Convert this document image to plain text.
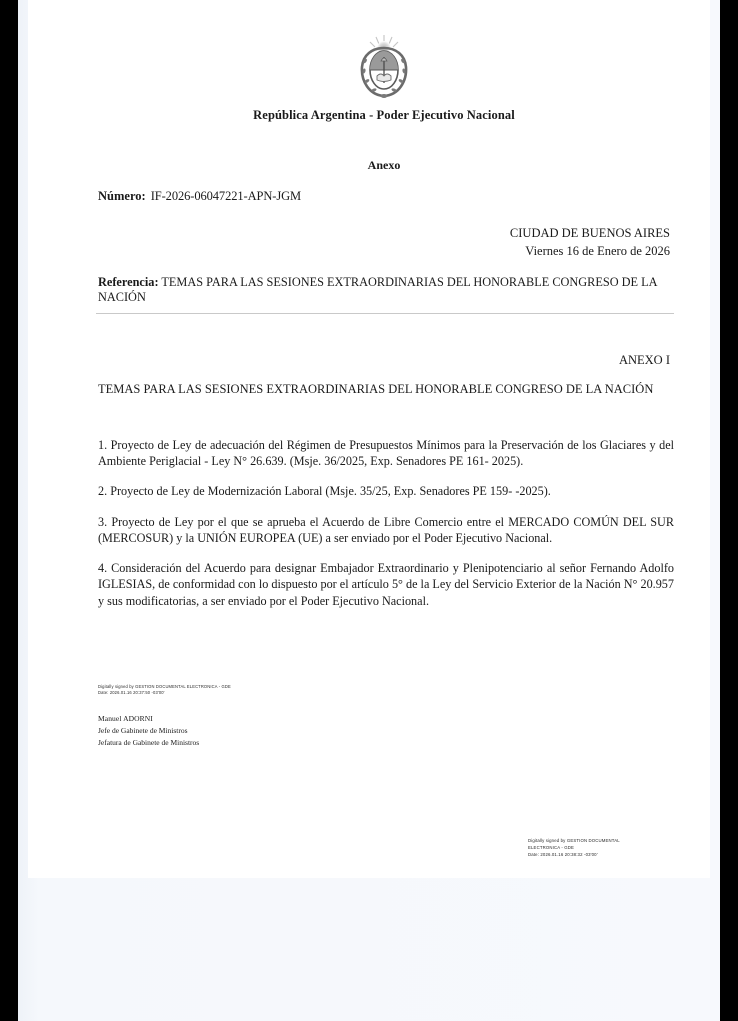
República Argentina - Poder Ejecutivo Nacional
Anexo
Número: IF-2026-06047221-APN-JGM
CIUDAD DE BUENOS AIRES
Viernes 16 de Enero de 2026
Referencia: TEMAS PARA LAS SESIONES EXTRAORDINARIAS DEL HONORABLE CONGRESO DE LA NACIÓN
ANEXO I
TEMAS PARA LAS SESIONES EXTRAORDINARIAS DEL HONORABLE CONGRESO DE LA NACIÓN
1. Proyecto de Ley de adecuación del Régimen de Presupuestos Mínimos para la Preservación de los Glaciares y del Ambiente Periglacial - Ley N° 26.639. (Msje. 36/2025, Exp. Senadores PE 161- 2025).
2. Proyecto de Ley de Modernización Laboral (Msje. 35/25, Exp. Senadores PE 159- -2025).
3. Proyecto de Ley por el que se aprueba el Acuerdo de Libre Comercio entre el MERCADO COMÚN DEL SUR (MERCOSUR) y la UNIÓN EUROPEA (UE) a ser enviado por el Poder Ejecutivo Nacional.
4. Consideración del Acuerdo para designar Embajador Extraordinario y Plenipotenciario al señor Fernando Adolfo IGLESIAS, de conformidad con lo dispuesto por el artículo 5° de la Ley del Servicio Exterior de la Nación N° 20.957 y sus modificatorias, a ser enviado por el Poder Ejecutivo Nacional.
Digitally signed by GESTION DOCUMENTAL ELECTRONICA - GDE
Date: 2026.01.16 20:37:50 -03'00'
Manuel ADORNI
Jefe de Gabinete de Ministros
Jefatura de Gabinete de Ministros
Digitally signed by GESTION DOCUMENTAL
ELECTRONICA - GDE
Date: 2026.01.16 20:38:32 -03'00'
